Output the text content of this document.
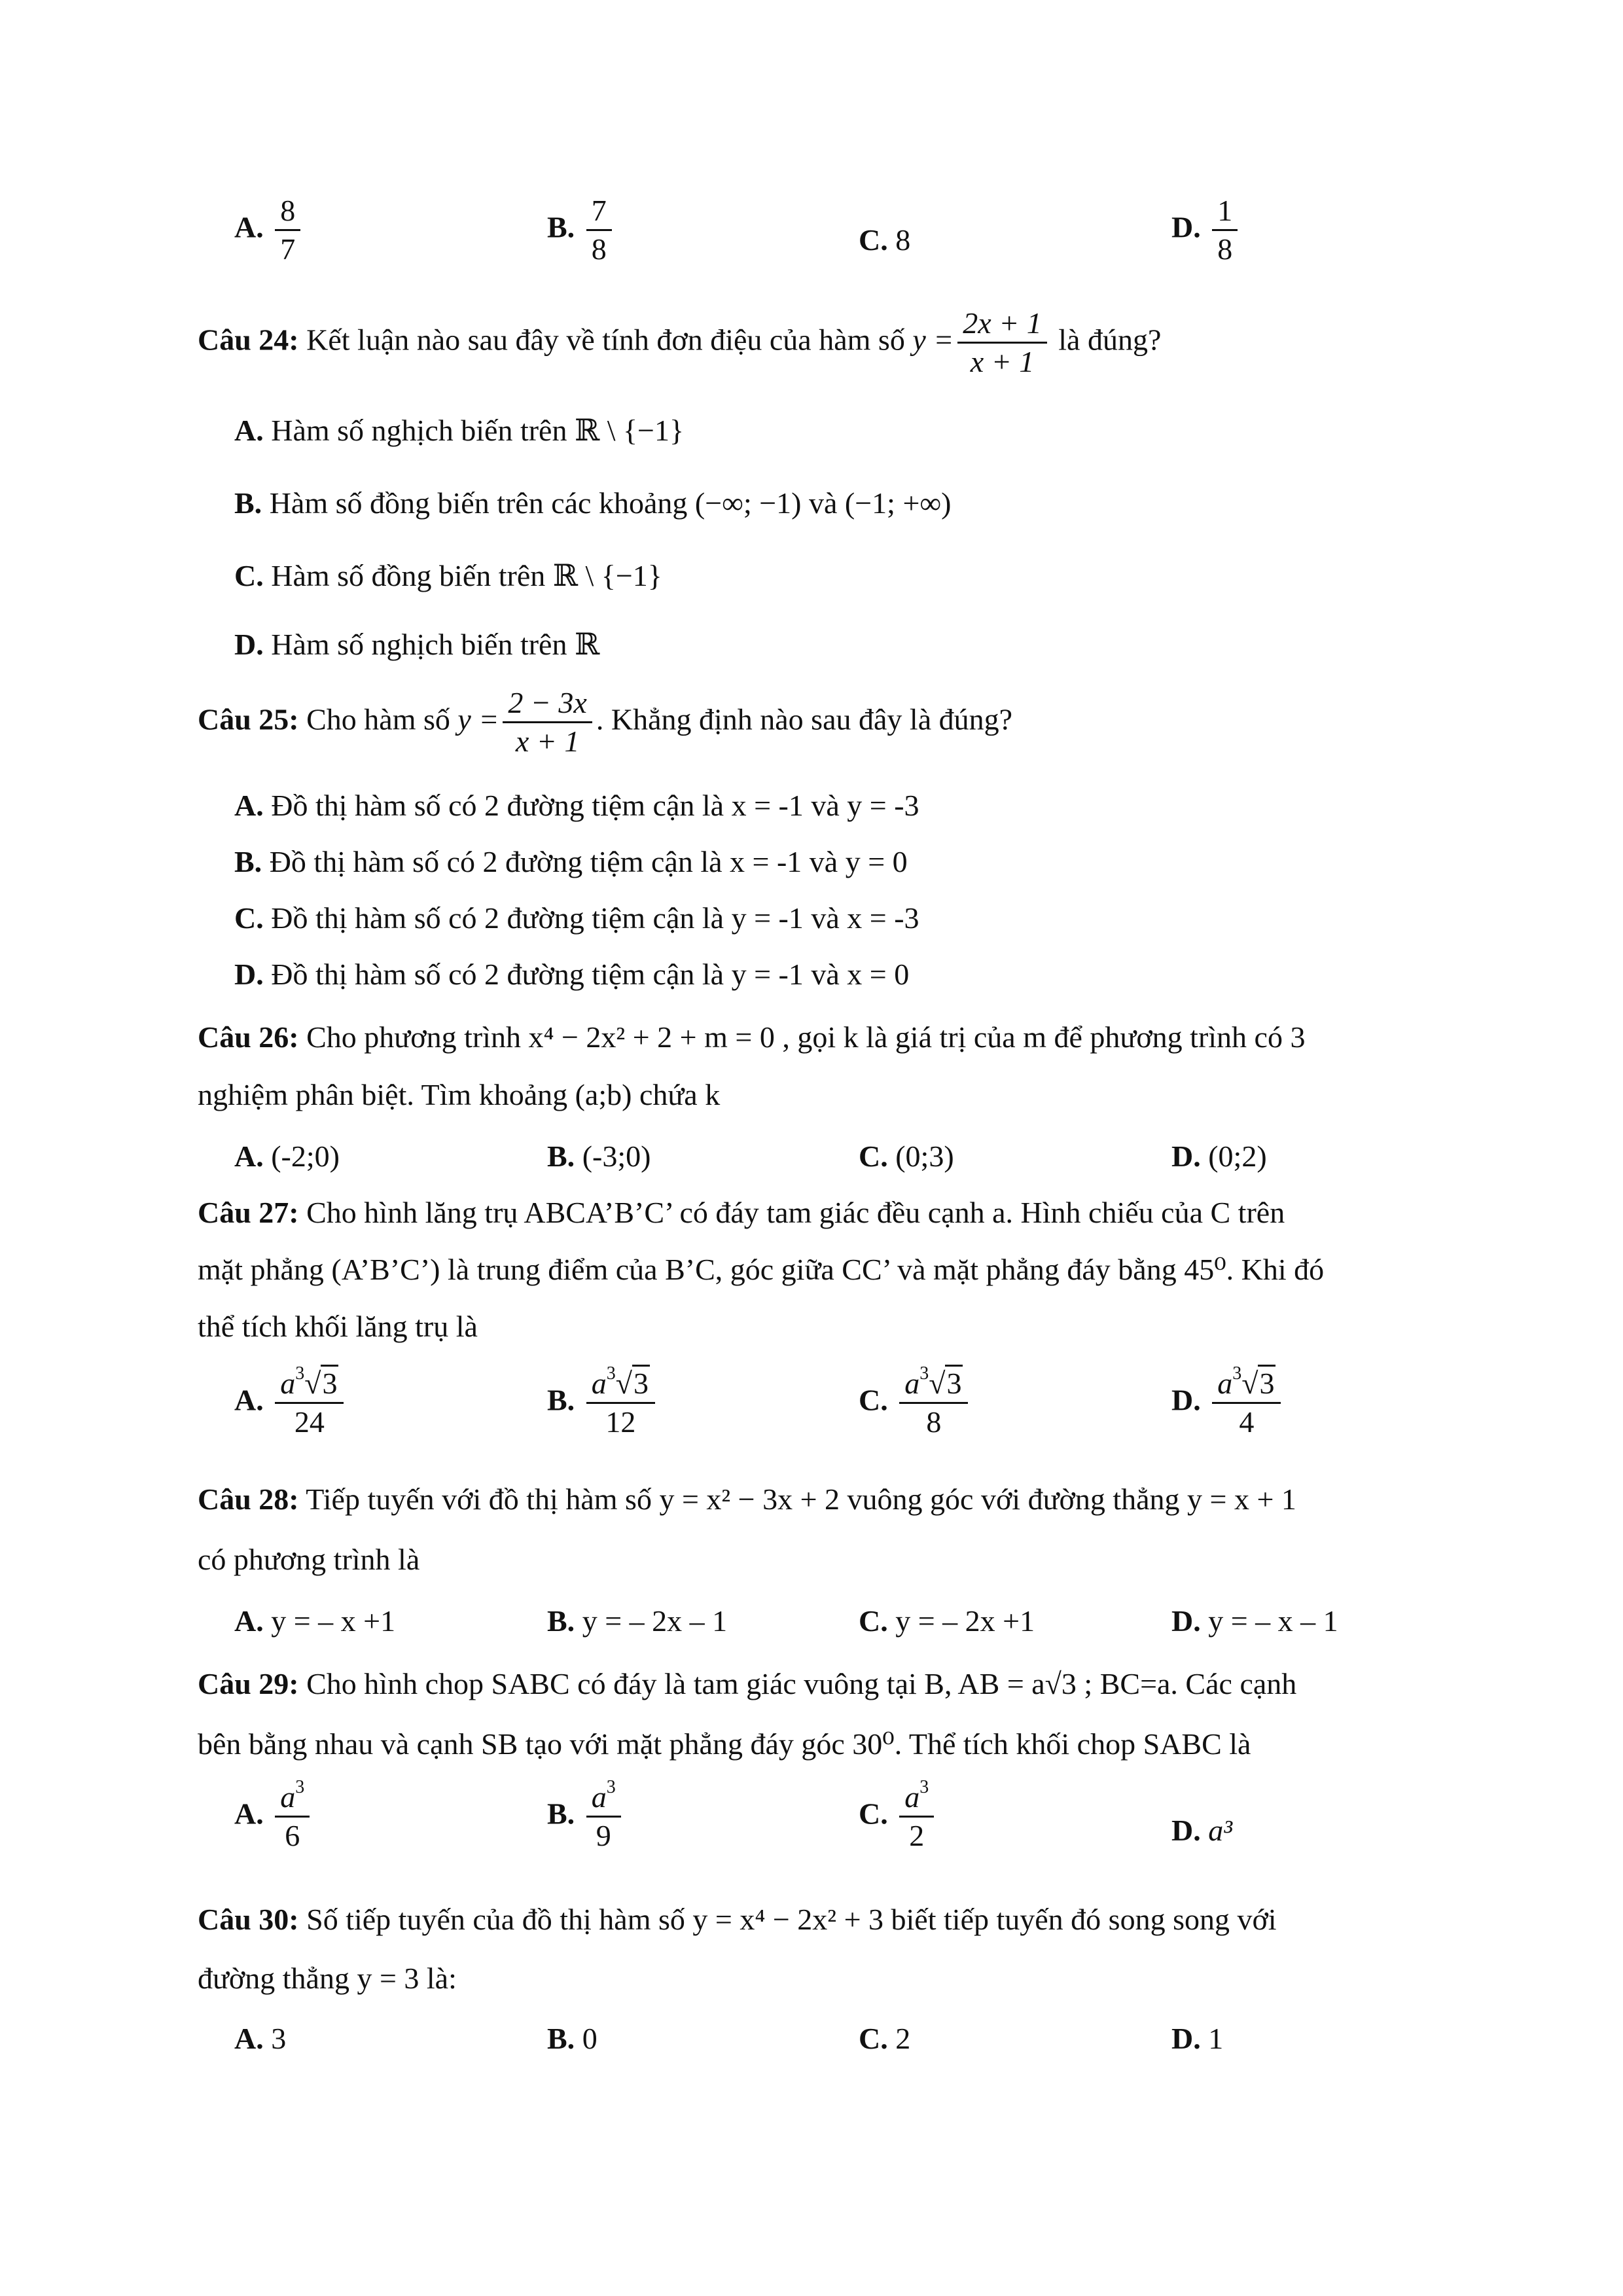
A. $\frac{8}{7}$	B. $\frac{7}{8}$	C. 8	D. $\frac{1}{8}$
Câu 24: Kết luận nào sau đây về tính đơn điệu của hàm số $y = \frac{2x + 1}{x + 1}$ là đúng?
A. Hàm số nghịch biến trên ℝ \ {−1}
B. Hàm số đồng biến trên các khoảng (−∞; −1) và (−1; +∞)
C. Hàm số đồng biến trên ℝ \ {−1}
D. Hàm số nghịch biến trên ℝ
Câu 25: Cho hàm số $y = \frac{2 - 3x}{x + 1}$ . Khẳng định nào sau đây là đúng?
A. Đồ thị hàm số có 2 đường tiệm cận là x = -1 và y = -3
B. Đồ thị hàm số có 2 đường tiệm cận là x = -1 và y = 0
C. Đồ thị hàm số có 2 đường tiệm cận là y = -1 và x = -3
D. Đồ thị hàm số có 2 đường tiệm cận là y = -1 và x = 0
Câu 26: Cho phương trình x⁴ − 2x² + 2 + m = 0 , gọi k là giá trị của m để phương trình có 3
nghiệm phân biệt. Tìm khoảng (a;b) chứa k
A. (-2;0)	B. (-3;0)	C. (0;3)	D. (0;2)
Câu 27: Cho hình lăng trụ ABCA’B’C’ có đáy tam giác đều cạnh a. Hình chiếu của C trên
mặt phẳng (A’B’C’) là trung điểm của B’C, góc giữa CC’ và mặt phẳng đáy bằng 45⁰. Khi đó
thể tích khối lăng trụ là
A. $\frac{a^3√3}{24}$	B. $\frac{a^3√3}{12}$	C. $\frac{a^3√3}{8}$	D. $\frac{a^3√3}{4}$
Câu 28: Tiếp tuyến với đồ thị hàm số y = x² − 3x + 2 vuông góc với đường thẳng y = x + 1
có phương trình là
A. y = – x +1	B. y = – 2x – 1	C. y = – 2x +1	D. y = – x – 1
Câu 29: Cho hình chop SABC có đáy là tam giác vuông tại B, AB = a√3 ; BC=a. Các cạnh
bên bằng nhau và cạnh SB tạo với mặt phẳng đáy góc 30⁰. Thể tích khối chop SABC là
A. $\frac{a^3}{6}$	B. $\frac{a^3}{9}$	C. $\frac{a^3}{2}$	D. a³
Câu 30: Số tiếp tuyến của đồ thị hàm số y = x⁴ − 2x² + 3 biết tiếp tuyến đó song song với
đường thẳng y = 3 là:
A. 3	B. 0	C. 2	D. 1
